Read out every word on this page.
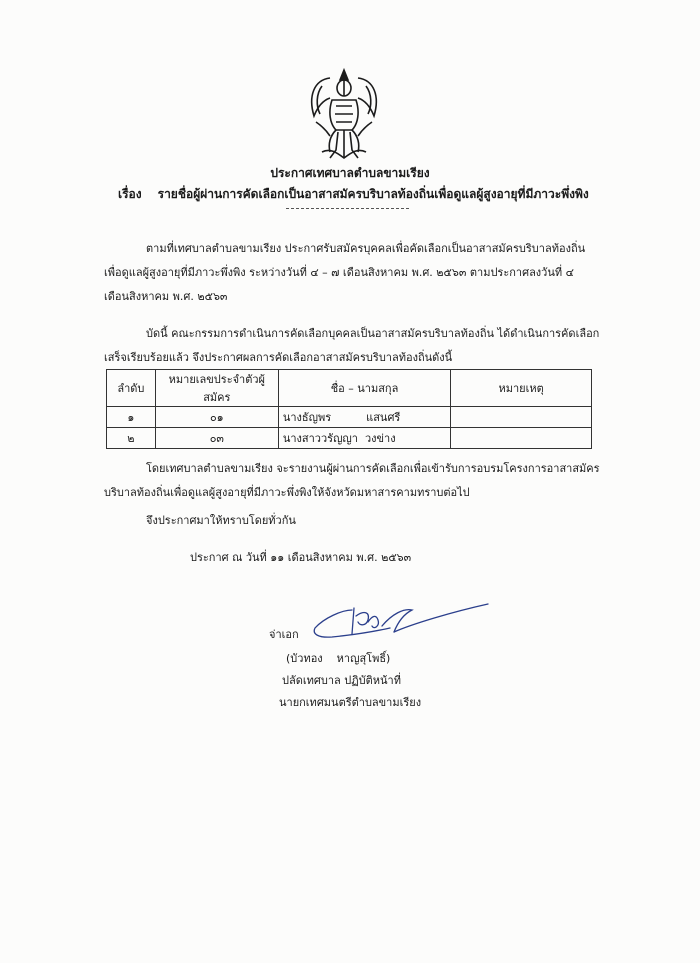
ประกาศเทศบาลตำบลขามเรียง
เรื่อง รายชื่อผู้ผ่านการคัดเลือกเป็นอาสาสมัครบริบาลท้องถิ่นเพื่อดูแลผู้สูงอายุที่มีภาวะพึ่งพิง
ตามที่เทศบาลตำบลขามเรียง ประกาศรับสมัครบุคคลเพื่อคัดเลือกเป็นอาสาสมัครบริบาลท้องถิ่น
เพื่อดูแลผู้สูงอายุที่มีภาวะพึ่งพิง ระหว่างวันที่ ๔ – ๗ เดือนสิงหาคม พ.ศ. ๒๕๖๓ ตามประกาศลงวันที่ ๔
เดือนสิงหาคม พ.ศ. ๒๕๖๓
บัดนี้ คณะกรรมการดำเนินการคัดเลือกบุคคลเป็นอาสาสมัครบริบาลท้องถิ่น ได้ดำเนินการคัดเลือก
เสร็จเรียบร้อยแล้ว จึงประกาศผลการคัดเลือกอาสาสมัครบริบาลท้องถิ่นดังนี้
ลำดับ	หมายเลขประจำตัวผู้สมัคร	ชื่อ – นามสกุล	หมายเหตุ
๑	๐๑	นางธัญพร          แสนศรี	
๒	๐๓	นางสาววรัญญา  วงข่าง	
โดยเทศบาลตำบลขามเรียง จะรายงานผู้ผ่านการคัดเลือกเพื่อเข้ารับการอบรมโครงการอาสาสมัคร
บริบาลท้องถิ่นเพื่อดูแลผู้สูงอายุที่มีภาวะพึ่งพิงให้จังหวัดมหาสารคามทราบต่อไป
จึงประกาศมาให้ทราบโดยทั่วกัน
ประกาศ ณ วันที่ ๑๑ เดือนสิงหาคม พ.ศ. ๒๕๖๓
จ่าเอก
(บัวทอง    หาญสุโพธิ์)
ปลัดเทศบาล ปฏิบัติหน้าที่
นายกเทศมนตรีตำบลขามเรียง
